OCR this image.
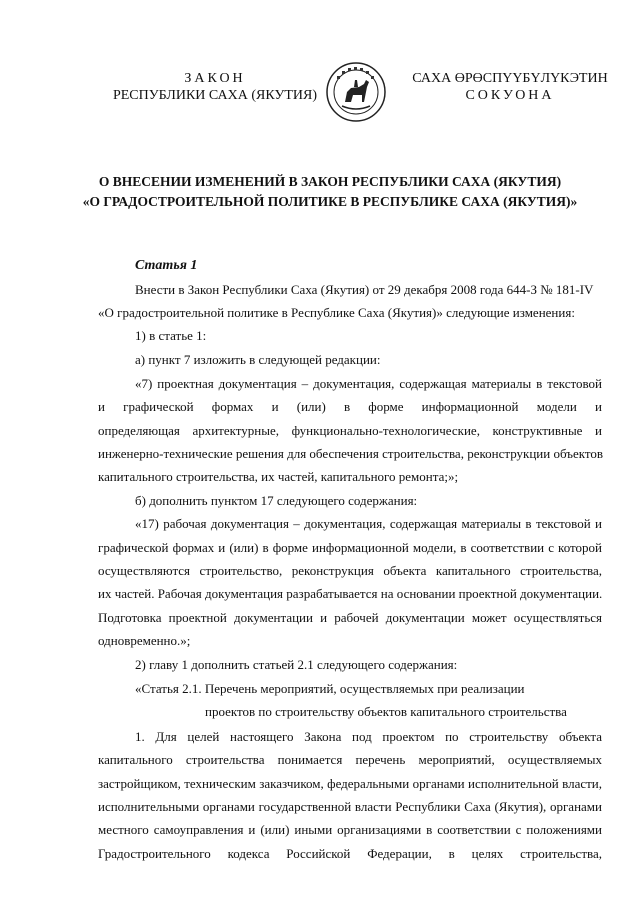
ЗАКОН
РЕСПУБЛИКИ САХА (ЯКУТИЯ)
САХА ӨРӨСПҮҮБҮЛҮКЭТИН
СОКУОНА
О ВНЕСЕНИИ ИЗМЕНЕНИЙ В ЗАКОН РЕСПУБЛИКИ САХА (ЯКУТИЯ)
«О ГРАДОСТРОИТЕЛЬНОЙ ПОЛИТИКЕ В РЕСПУБЛИКЕ САХА (ЯКУТИЯ)»
Статья 1
Внести в Закон Республики Саха (Якутия) от 29 декабря 2008 года 644-З № 181-IV
«О градостроительной политике в Республике Саха (Якутия)» следующие изменения:
1) в статье 1:
а) пункт 7 изложить в следующей редакции:
«7) проектная документация – документация, содержащая материалы в текстовой
и графической формах и (или) в форме информационной модели и
определяющая архитектурные, функционально-технологические, конструктивные и
инженерно-технические решения для обеспечения строительства, реконструкции объектов
капитального строительства, их частей, капитального ремонта;»;
б) дополнить пунктом 17 следующего содержания:
«17) рабочая документация – документация, содержащая материалы в текстовой и
графической формах и (или) в форме информационной модели, в соответствии с которой
осуществляются строительство, реконструкция объекта капитального строительства,
их частей. Рабочая документация разрабатывается на основании проектной документации.
Подготовка проектной документации и рабочей документации может осуществляться
одновременно.»;
2) главу 1 дополнить статьей 2.1 следующего содержания:
«Статья 2.1. Перечень мероприятий, осуществляемых при реализации
проектов по строительству объектов капитального строительства
1. Для целей настоящего Закона под проектом по строительству объекта
капитального строительства понимается перечень мероприятий, осуществляемых
застройщиком, техническим заказчиком, федеральными органами исполнительной власти,
исполнительными органами государственной власти Республики Саха (Якутия), органами
местного самоуправления и (или) иными организациями в соответствии с положениями
Градостроительного кодекса Российской Федерации, в целях строительства,
